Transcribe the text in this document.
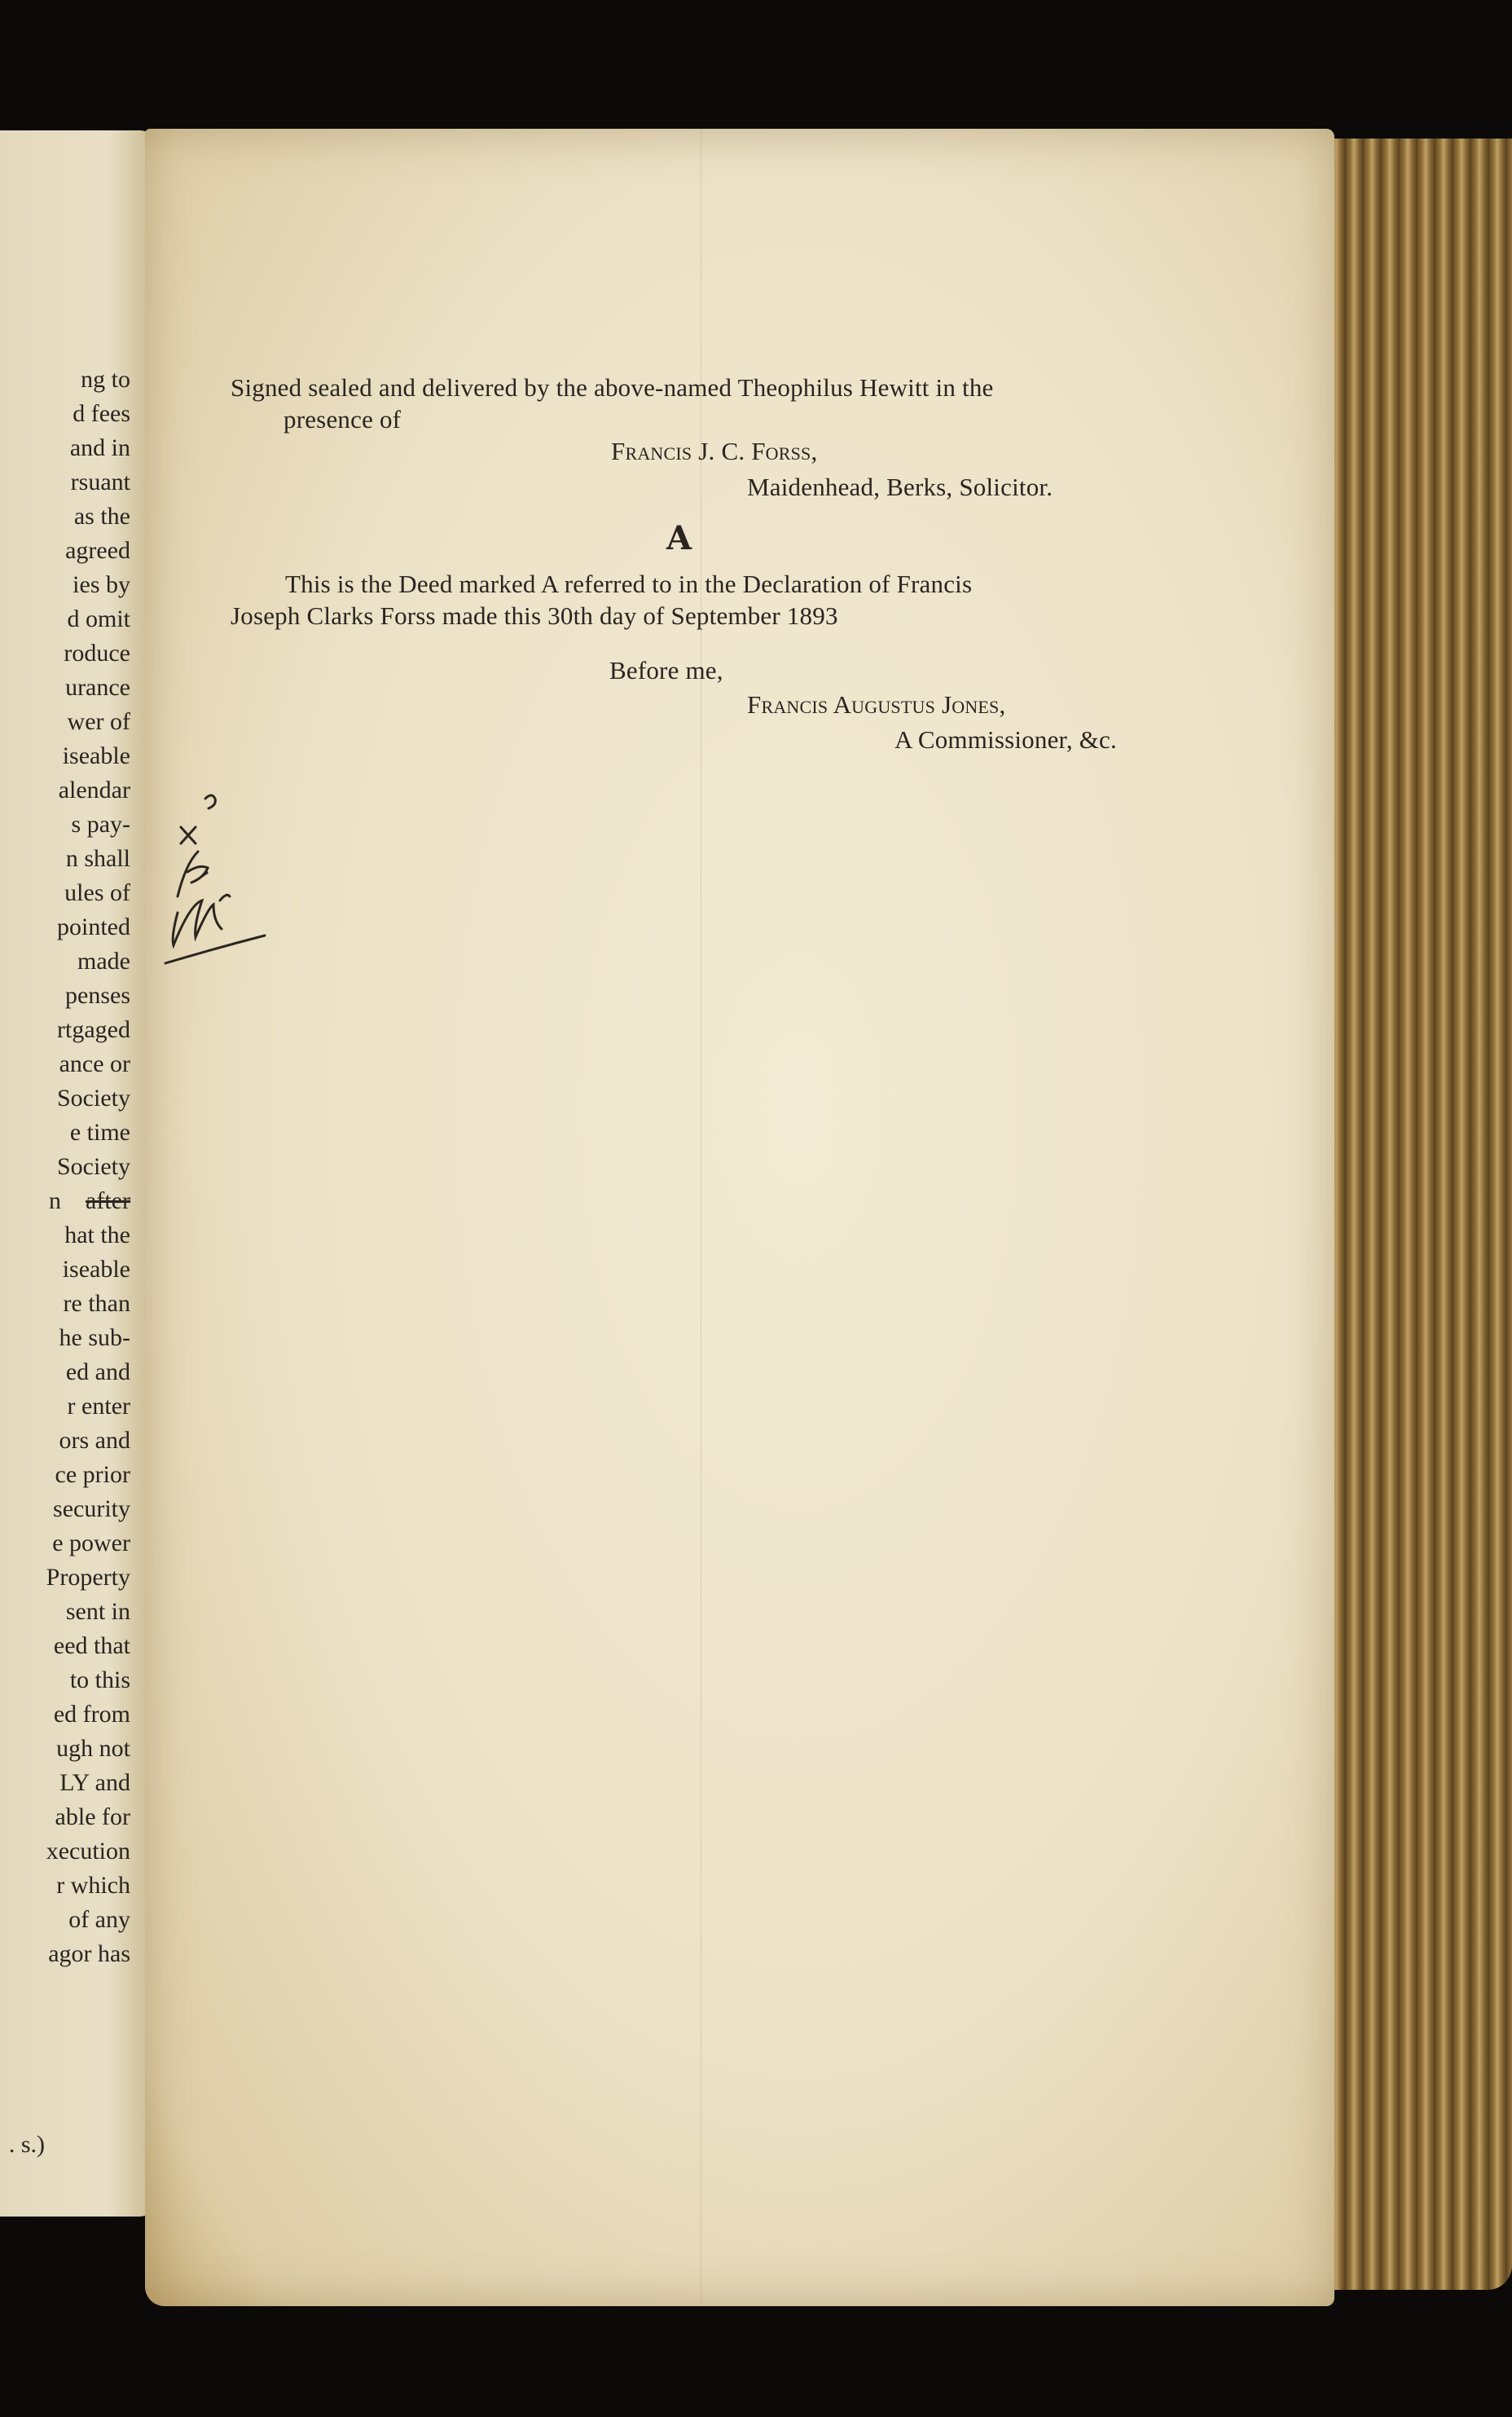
ng to
d fees
and in
rsuant
as the
agreed
ies by
d omit
roduce
urance
wer of
iseable
alendar
s pay-
n shall
ules of
pointed
made
penses
rtgaged
ance or
Society
e time
Society
n after
hat the
iseable
re than
he sub-
ed and
r enter
ors and
ce prior
security
e power
Property
sent in
eed that
to this
ed from
ugh not
LY and
able for
xecution
r which
of any
agor has
. s.)
Signed sealed and delivered by the above-named Theophilus Hewitt in the
presence of
Francis J. C. Forss,
Maidenhead, Berks, Solicitor.
A
This is the Deed marked A referred to in the Declaration of Francis
Joseph Clarks Forss made this 30th day of September 1893
Before me,
Francis Augustus Jones,
A Commissioner, &c.
